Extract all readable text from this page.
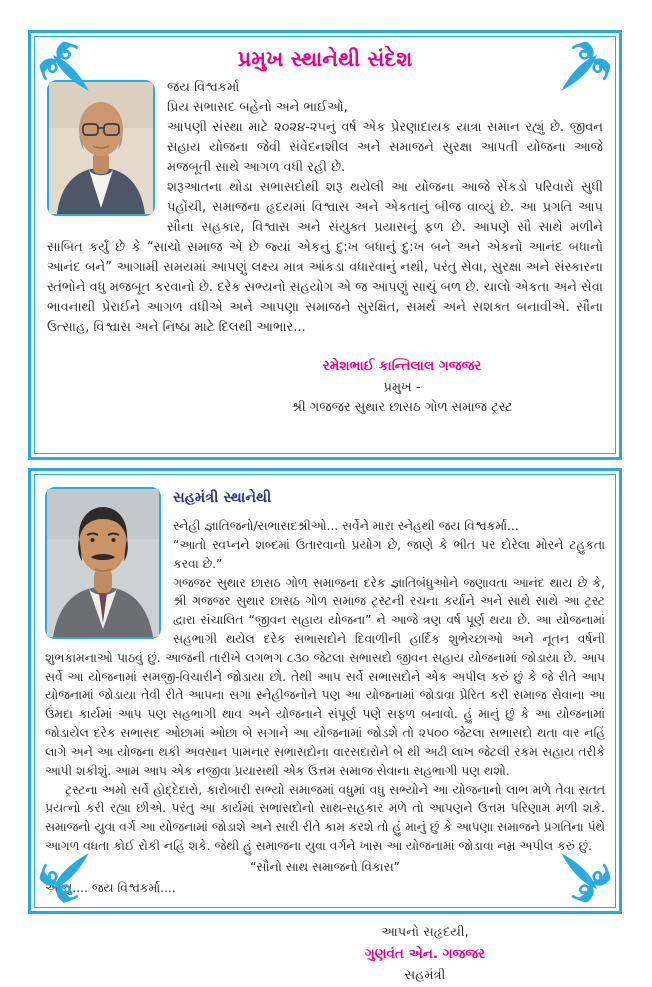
પ્રમુખ સ્થાનેથી સંદેશ
જય વિશ્વકર્મા
પ્રિય સભાસદ બહેનો અને ભાઈઓ,

આપણી સંસ્થા માટે ૨૦૨૪-૨૫નું વર્ષ એક પ્રેરણાદાયક યાત્રા સમાન રહ્યું છે. જીવન સહાય યોજના જેવી સંવેદનશીલ અને સમાજને સુરક્ષા આપતી યોજના આજે મજબૂતી સાથે આગળ વધી રહી છે.

શરૂઆતના થોડા સભાસદોથી શરૂ થયેલી આ યોજના આજે સેંકડો પરિવારો સુધી પહોંચી, સમાજના હૃદયમાં વિશ્વાસ અને એકતાનું બીજ વાવ્યું છે. આ પ્રગતિ આપ સૌના સહકાર, વિશ્વાસ અને સંયુક્ત પ્રયાસનું ફળ છે. આપણે સૌ સાથે મળીને સાબિત કર્યું છે કે “સાચો સમાજ એ છે જ્યાં એકનું દુ:ખ બધાનું દુ:ખ બને અને એકનો આનંદ બધાનો આનંદ બને” આગામી સમયમાં આપણું લક્ષ્ય માત્ર આંકડા વધારવાનું નથી, પરંતુ સેવા, સુરક્ષા અને સંસ્કારના સ્તંભોને વધુ મજબૂત કરવાનો છે. દરેક સભ્યનો સહયોગ એ જ આપણું સાચું બળ છે. ચાલો એકતા અને સેવા ભાવનાથી પ્રેરાઈને આગળ વધીએ અને આપણા સમાજને સુરક્ષિત, સમર્થ અને સશક્ત બનાવીએ. સૌના ઉત્સાહ, વિશ્વાસ અને નિષ્ઠા માટે દિલથી આભાર...

રમેશભાઈ કાન્તિલાલ ગજજર
પ્રમુખ -
શ્રી ગજજર સુથાર છાસઠ ગોળ સમાજ ટ્રસ્ટ
સહમંત્રી સ્થાનેથી
સ્નેહી જ્ઞાતિજનો/સભાસદશ્રીઓ... સર્વેને મારા સ્નેહથી જય વિશ્વકર્મા...
“આતો સ્વપ્નને શબ્દમાં ઉતારવાનો પ્રયોગ છે, જાણે કે ભીત પર દોરેલા મોરને ટહુકતા કરવા છે.”

ગજજર સુથાર છાસઠ ગોળ સમાજના દરેક જ્ઞાતિબંધુઓને જણાવતા આનંદ થાય છે કે, શ્રી ગજજર સુથાર છાસઠ ગોળ સમાજ ટ્રસ્ટની રચના કર્યાને અને સાથે સાથે આ ટ્રસ્ટ દ્વારા સંચાલિત “જીવન સહાય યોજના” ને આજે ત્રણ વર્ષ પૂર્ણ થયા છે. આ યોજનામાં સહભાગી થયેલ દરેક સભાસદોને દિવાળીની હાર્દિક શુભેચ્છાઓ અને નૂતન વર્ષની શુભકામનાઓ પાઠવું છું. આજની તારીખે લગભગ ૮૩૦ જેટલા સભાસદો જીવન સહાય યોજનામાં જોડાયા છે. આપ સર્વે આ યોજનામાં સમજી-વિચારીને જોડાયા છો. તેથી આપ સર્વે સભાસદોને એક અપીલ કરું છું કે જે રીતે આપ યોજનામાં જોડાયા તેવી રીતે આપના સગા સ્નેહીજનોને પણ આ યોજનામાં જોડાવા પ્રેરિત કરી સમાજ સેવાના આ ઉંમદા કાર્યમાં આપ પણ સહભાગી થાવ અને યોજનાને સંપૂર્ણ પણે સફળ બનાવો. હું માનું છું કે આ યોજનામાં જોડાયેલ દરેક સભાસદ ઓછામાં ઓછા બે સગાને આ યોજનામાં જોડશે તો ૨૫૦૦ જેટલા સભાસદો થતા વાર નહિં લાગે અને આ યોજના થકી અવસાન પામનાર સભાસદોના વારસદારોને બે થી અઢી લાખ જેટલી રકમ સહાય તરીકે આપી શકીશું. આમ આપ એક નજીવા પ્રયાસથી એક ઉત્તમ સમાજ સેવાના સહભાગી પણ થશો.

ટ્રસ્ટના અમો સર્વે હોદ્દેદારો, કારોબારી સભ્યો સમાજમાં વધુમાં વધુ સભ્યોને આ યોજનાનો લાભ મળે તેવા સતત પ્રયત્નો કરી રહ્યા છીએ. પરંતુ આ કાર્યમાં સભાસદોનો સાથ-સહકાર મળે તો આપણને ઉત્તમ પરિણામ મળી શકે. સમાજનો યુવા વર્ગ આ યોજનામાં જોડાશે અને સારી રીતે કામ કરશે તો હું માનું છું કે આપણા સમાજને પ્રગતિના પંથે આગળ વધતા કોઈ રોકી નહિં શકે. જેથી હું સમાજના યુવા વર્ગને ખાસ આ યોજનામાં જોડાવા નમ્ર અપીલ કરું છું.

“સૌનો સાથ સમાજનો વિકાસ”
અસ્તુ.... જય વિશ્વકર્મા....
આપનો સહૃદયી,
ગુણવંત એન. ગજજર
સહમંત્રી
